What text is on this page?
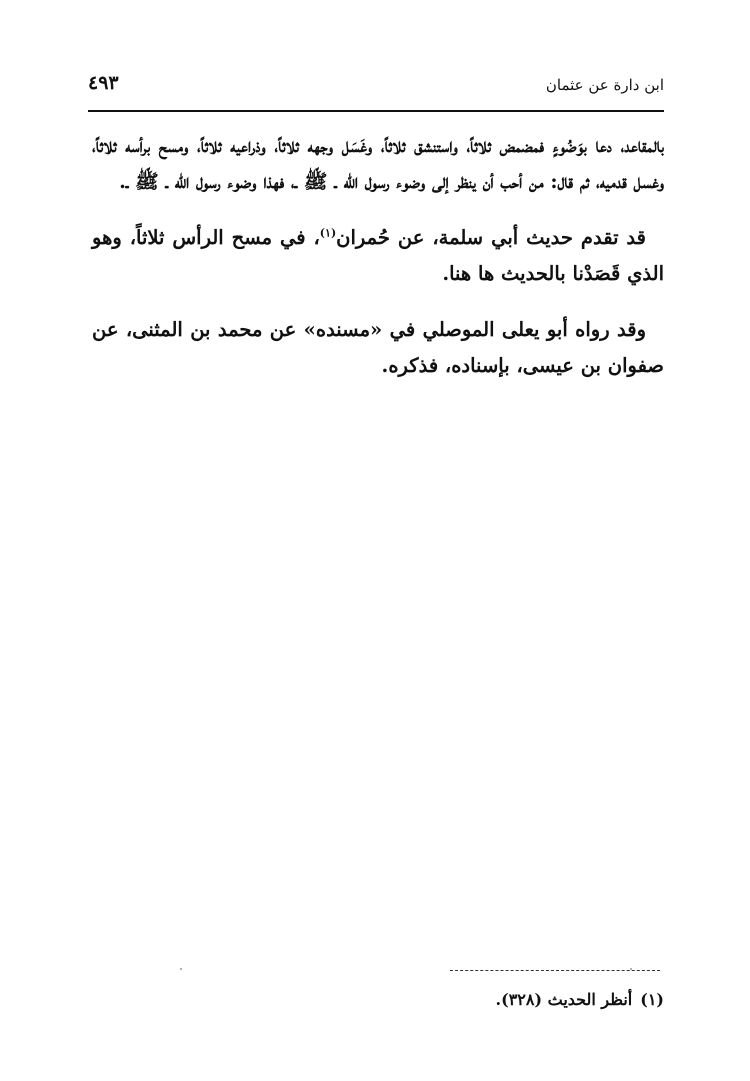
ابن دارة عن عثمان
٤٩٣

بالمقاعد، دعا بوَضُوءٍ فمضمض ثلاثاً، واستنشق ثلاثاً، وغَسَل وجهه ثلاثاً، وذراعيه ثلاثاً، ومسح برأسه ثلاثاً، وغسل قدميه، ثم قال: من أحب أن ينظر إلى وضوء رسول الله ـ ﷺ ـ، فهذا وضوء رسول الله ـ ﷺ ـ.

قد تقدم حديث أبي سلمة، عن حُمران$^{(١)}$، في مسح الرأس ثلاثاً، وهو الذي قَصَدْنا بالحديث ها هنا.

وقد رواه أبو يعلى الموصلي في «مسنده» عن محمد بن المثنى، عن صفوان بن عيسى، بإسناده، فذكره.

(١)أنظر الحديث (٣٢٨).
